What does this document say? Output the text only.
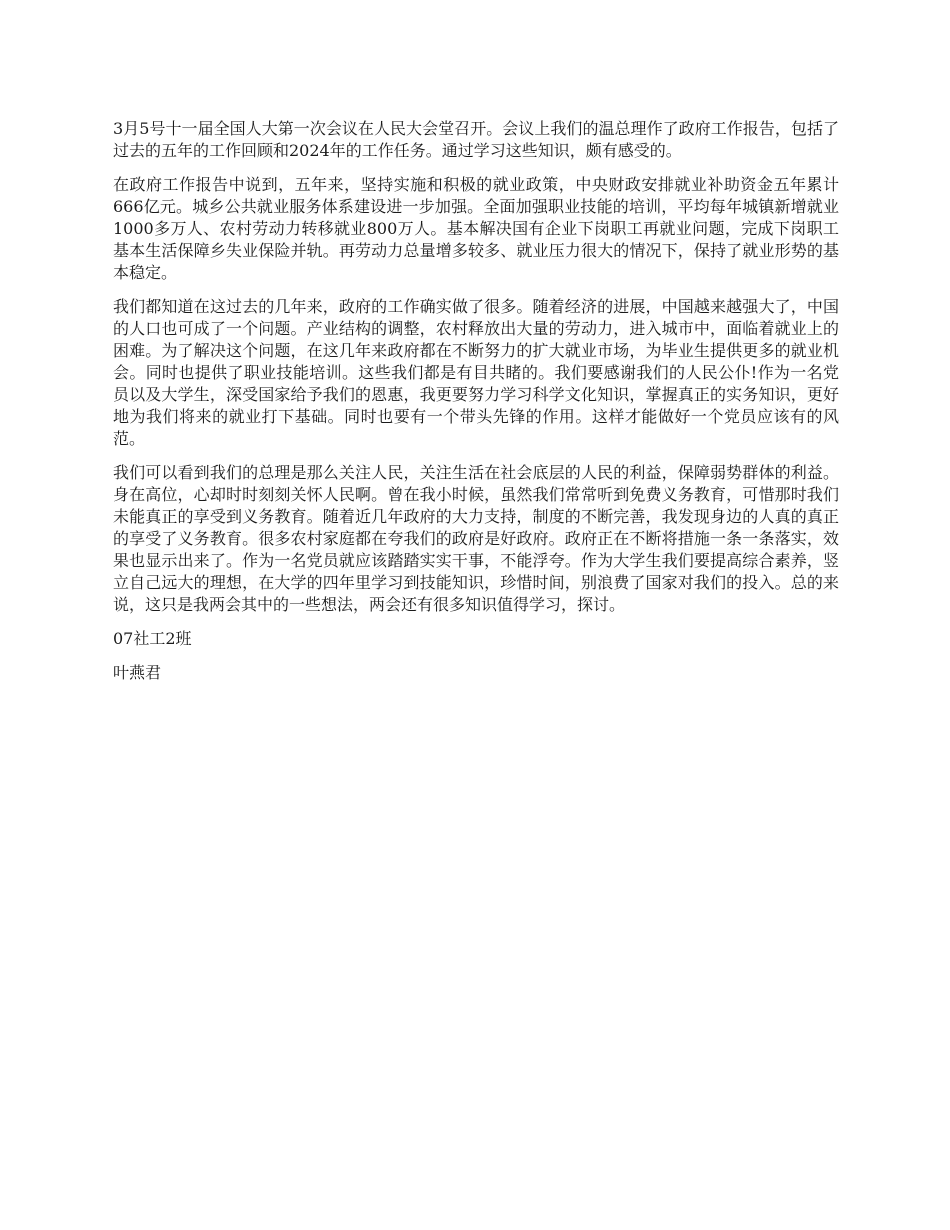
3月5号十一届全国人大第一次会议在人民大会堂召开。会议上我们的温总理作了政府工作报告，包括了过去的五年的工作回顾和2024年的工作任务。通过学习这些知识，颇有感受的。

在政府工作报告中说到，五年来，坚持实施和积极的就业政策，中央财政安排就业补助资金五年累计666亿元。城乡公共就业服务体系建设进一步加强。全面加强职业技能的培训，平均每年城镇新增就业1000多万人、农村劳动力转移就业800万人。基本解决国有企业下岗职工再就业问题，完成下岗职工基本生活保障乡失业保险并轨。再劳动力总量增多较多、就业压力很大的情况下，保持了就业形势的基本稳定。

我们都知道在这过去的几年来，政府的工作确实做了很多。随着经济的进展，中国越来越强大了，中国的人口也可成了一个问题。产业结构的调整，农村释放出大量的劳动力，进入城市中，面临着就业上的困难。为了解决这个问题，在这几年来政府都在不断努力的扩大就业市场，为毕业生提供更多的就业机会。同时也提供了职业技能培训。这些我们都是有目共睹的。我们要感谢我们的人民公仆!作为一名党员以及大学生，深受国家给予我们的恩惠，我更要努力学习科学文化知识，掌握真正的实务知识，更好地为我们将来的就业打下基础。同时也要有一个带头先锋的作用。这样才能做好一个党员应该有的风范。

我们可以看到我们的总理是那么关注人民，关注生活在社会底层的人民的利益，保障弱势群体的利益。身在高位，心却时时刻刻关怀人民啊。曾在我小时候，虽然我们常常听到免费义务教育，可惜那时我们未能真正的享受到义务教育。随着近几年政府的大力支持，制度的不断完善，我发现身边的人真的真正的享受了义务教育。很多农村家庭都在夸我们的政府是好政府。政府正在不断将措施一条一条落实，效果也显示出来了。作为一名党员就应该踏踏实实干事，不能浮夸。作为大学生我们要提高综合素养，竖立自己远大的理想，在大学的四年里学习到技能知识，珍惜时间，别浪费了国家对我们的投入。总的来说，这只是我两会其中的一些想法，两会还有很多知识值得学习，探讨。

07社工2班

叶燕君
